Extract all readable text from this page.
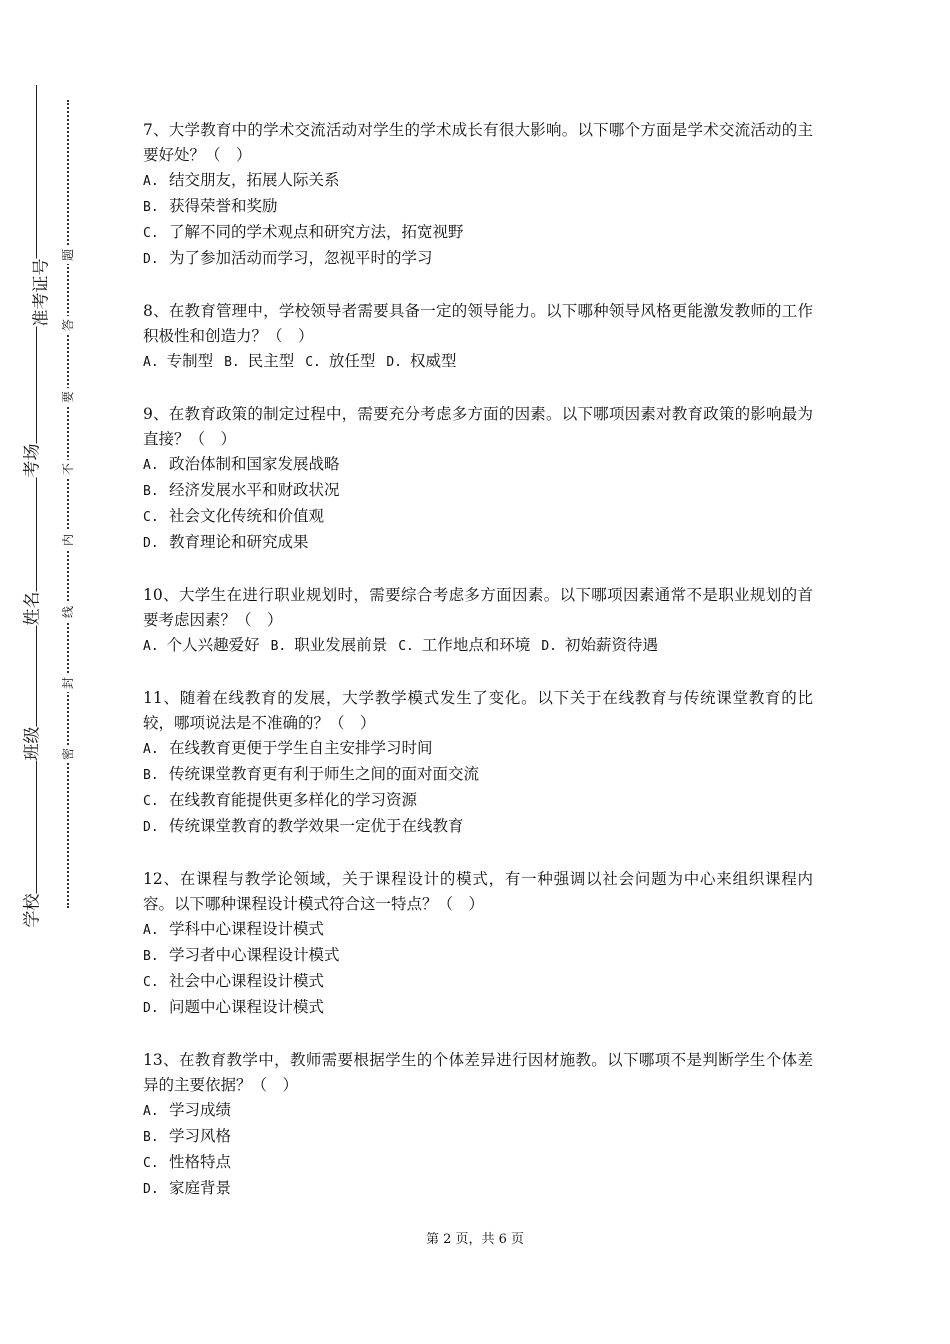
准考证号
考场
姓名
班级
学校
题
答
要
不
内
线
封
密

7、大学教育中的学术交流活动对学生的学术成长有很大影响。以下哪个方面是学术交流活动的主要好处？（　）

A. 结交朋友，拓展人际关系

B. 获得荣誉和奖励

C. 了解不同的学术观点和研究方法，拓宽视野

D. 为了参加活动而学习，忽视平时的学习

8、在教育管理中，学校领导者需要具备一定的领导能力。以下哪种领导风格更能激发教师的工作积极性和创造力？（　）

A. 专制型 B. 民主型 C. 放任型 D. 权威型

9、在教育政策的制定过程中，需要充分考虑多方面的因素。以下哪项因素对教育政策的影响最为直接？（　）

A. 政治体制和国家发展战略

B. 经济发展水平和财政状况

C. 社会文化传统和价值观

D. 教育理论和研究成果

10、大学生在进行职业规划时，需要综合考虑多方面因素。以下哪项因素通常不是职业规划的首要考虑因素？（　）

A. 个人兴趣爱好 B. 职业发展前景 C. 工作地点和环境 D. 初始薪资待遇

11、随着在线教育的发展，大学教学模式发生了变化。以下关于在线教育与传统课堂教育的比较，哪项说法是不准确的？（　）

A. 在线教育更便于学生自主安排学习时间

B. 传统课堂教育更有利于师生之间的面对面交流

C. 在线教育能提供更多样化的学习资源

D. 传统课堂教育的教学效果一定优于在线教育

12、在课程与教学论领域，关于课程设计的模式，有一种强调以社会问题为中心来组织课程内容。以下哪种课程设计模式符合这一特点？（　）

A. 学科中心课程设计模式

B. 学习者中心课程设计模式

C. 社会中心课程设计模式

D. 问题中心课程设计模式

13、在教育教学中，教师需要根据学生的个体差异进行因材施教。以下哪项不是判断学生个体差异的主要依据？（　）

A. 学习成绩

B. 学习风格

C. 性格特点

D. 家庭背景

第 2 页，共 6 页
